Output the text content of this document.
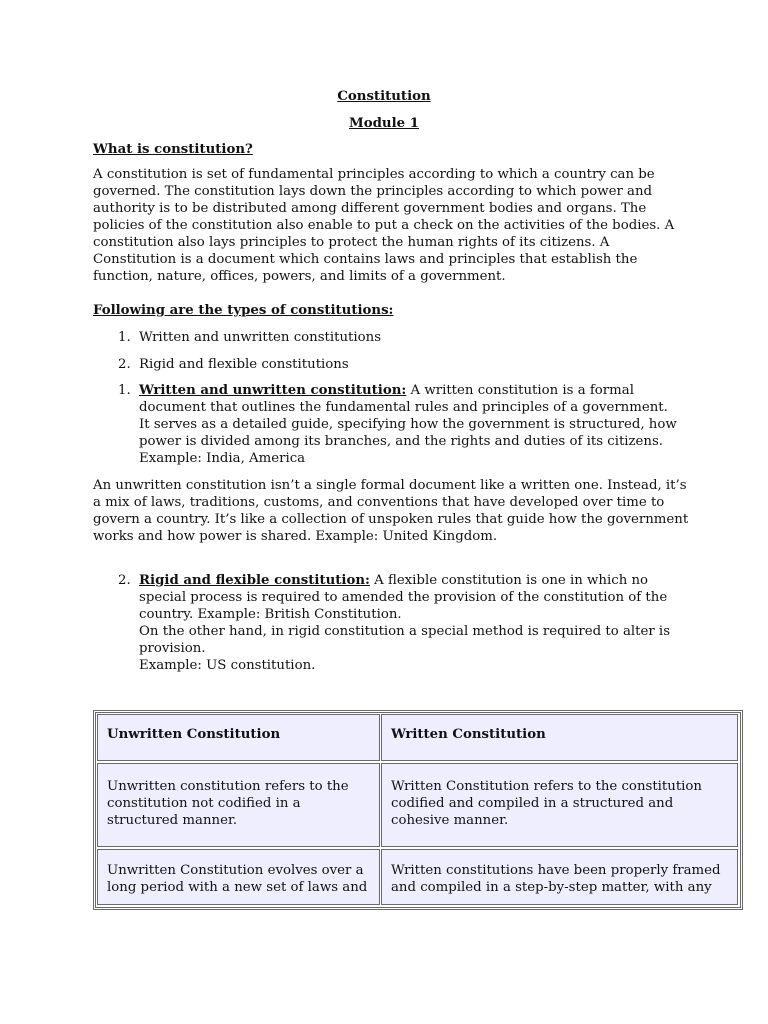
Constitution
Module 1
What is constitution?

A constitution is set of fundamental principles according to which a country can be governed. The constitution lays down the principles according to which power and authority is to be distributed among different government bodies and organs. The policies of the constitution also enable to put a check on the activities of the bodies. A constitution also lays principles to protect the human rights of its citizens. A Constitution is a document which contains laws and principles that establish the function, nature, offices, powers, and limits of a government.

Following are the types of constitutions:
1. Written and unwritten constitutions
2. Rigid and flexible constitutions
1. Written and unwritten constitution: A written constitution is a formal document that outlines the fundamental rules and principles of a government. It serves as a detailed guide, specifying how the government is structured, how power is divided among its branches, and the rights and duties of its citizens. Example: India, America

An unwritten constitution isn’t a single formal document like a written one. Instead, it’s a mix of laws, traditions, customs, and conventions that have developed over time to govern a country. It’s like a collection of unspoken rules that guide how the government works and how power is shared. Example: United Kingdom.

2. Rigid and flexible constitution: A flexible constitution is one in which no special process is required to amended the provision of the constitution of the country. Example: British Constitution.
On the other hand, in rigid constitution a special method is required to alter is provision.
Example: US constitution.
Unwritten Constitution	Written Constitution
Unwritten constitution refers to the constitution not codified in a structured manner.
Written Constitution refers to the constitution codified and compiled in a structured and cohesive manner.
Unwritten Constitution evolves over a long period with a new set of laws and
Written constitutions have been properly framed and compiled in a step-by-step matter, with any
